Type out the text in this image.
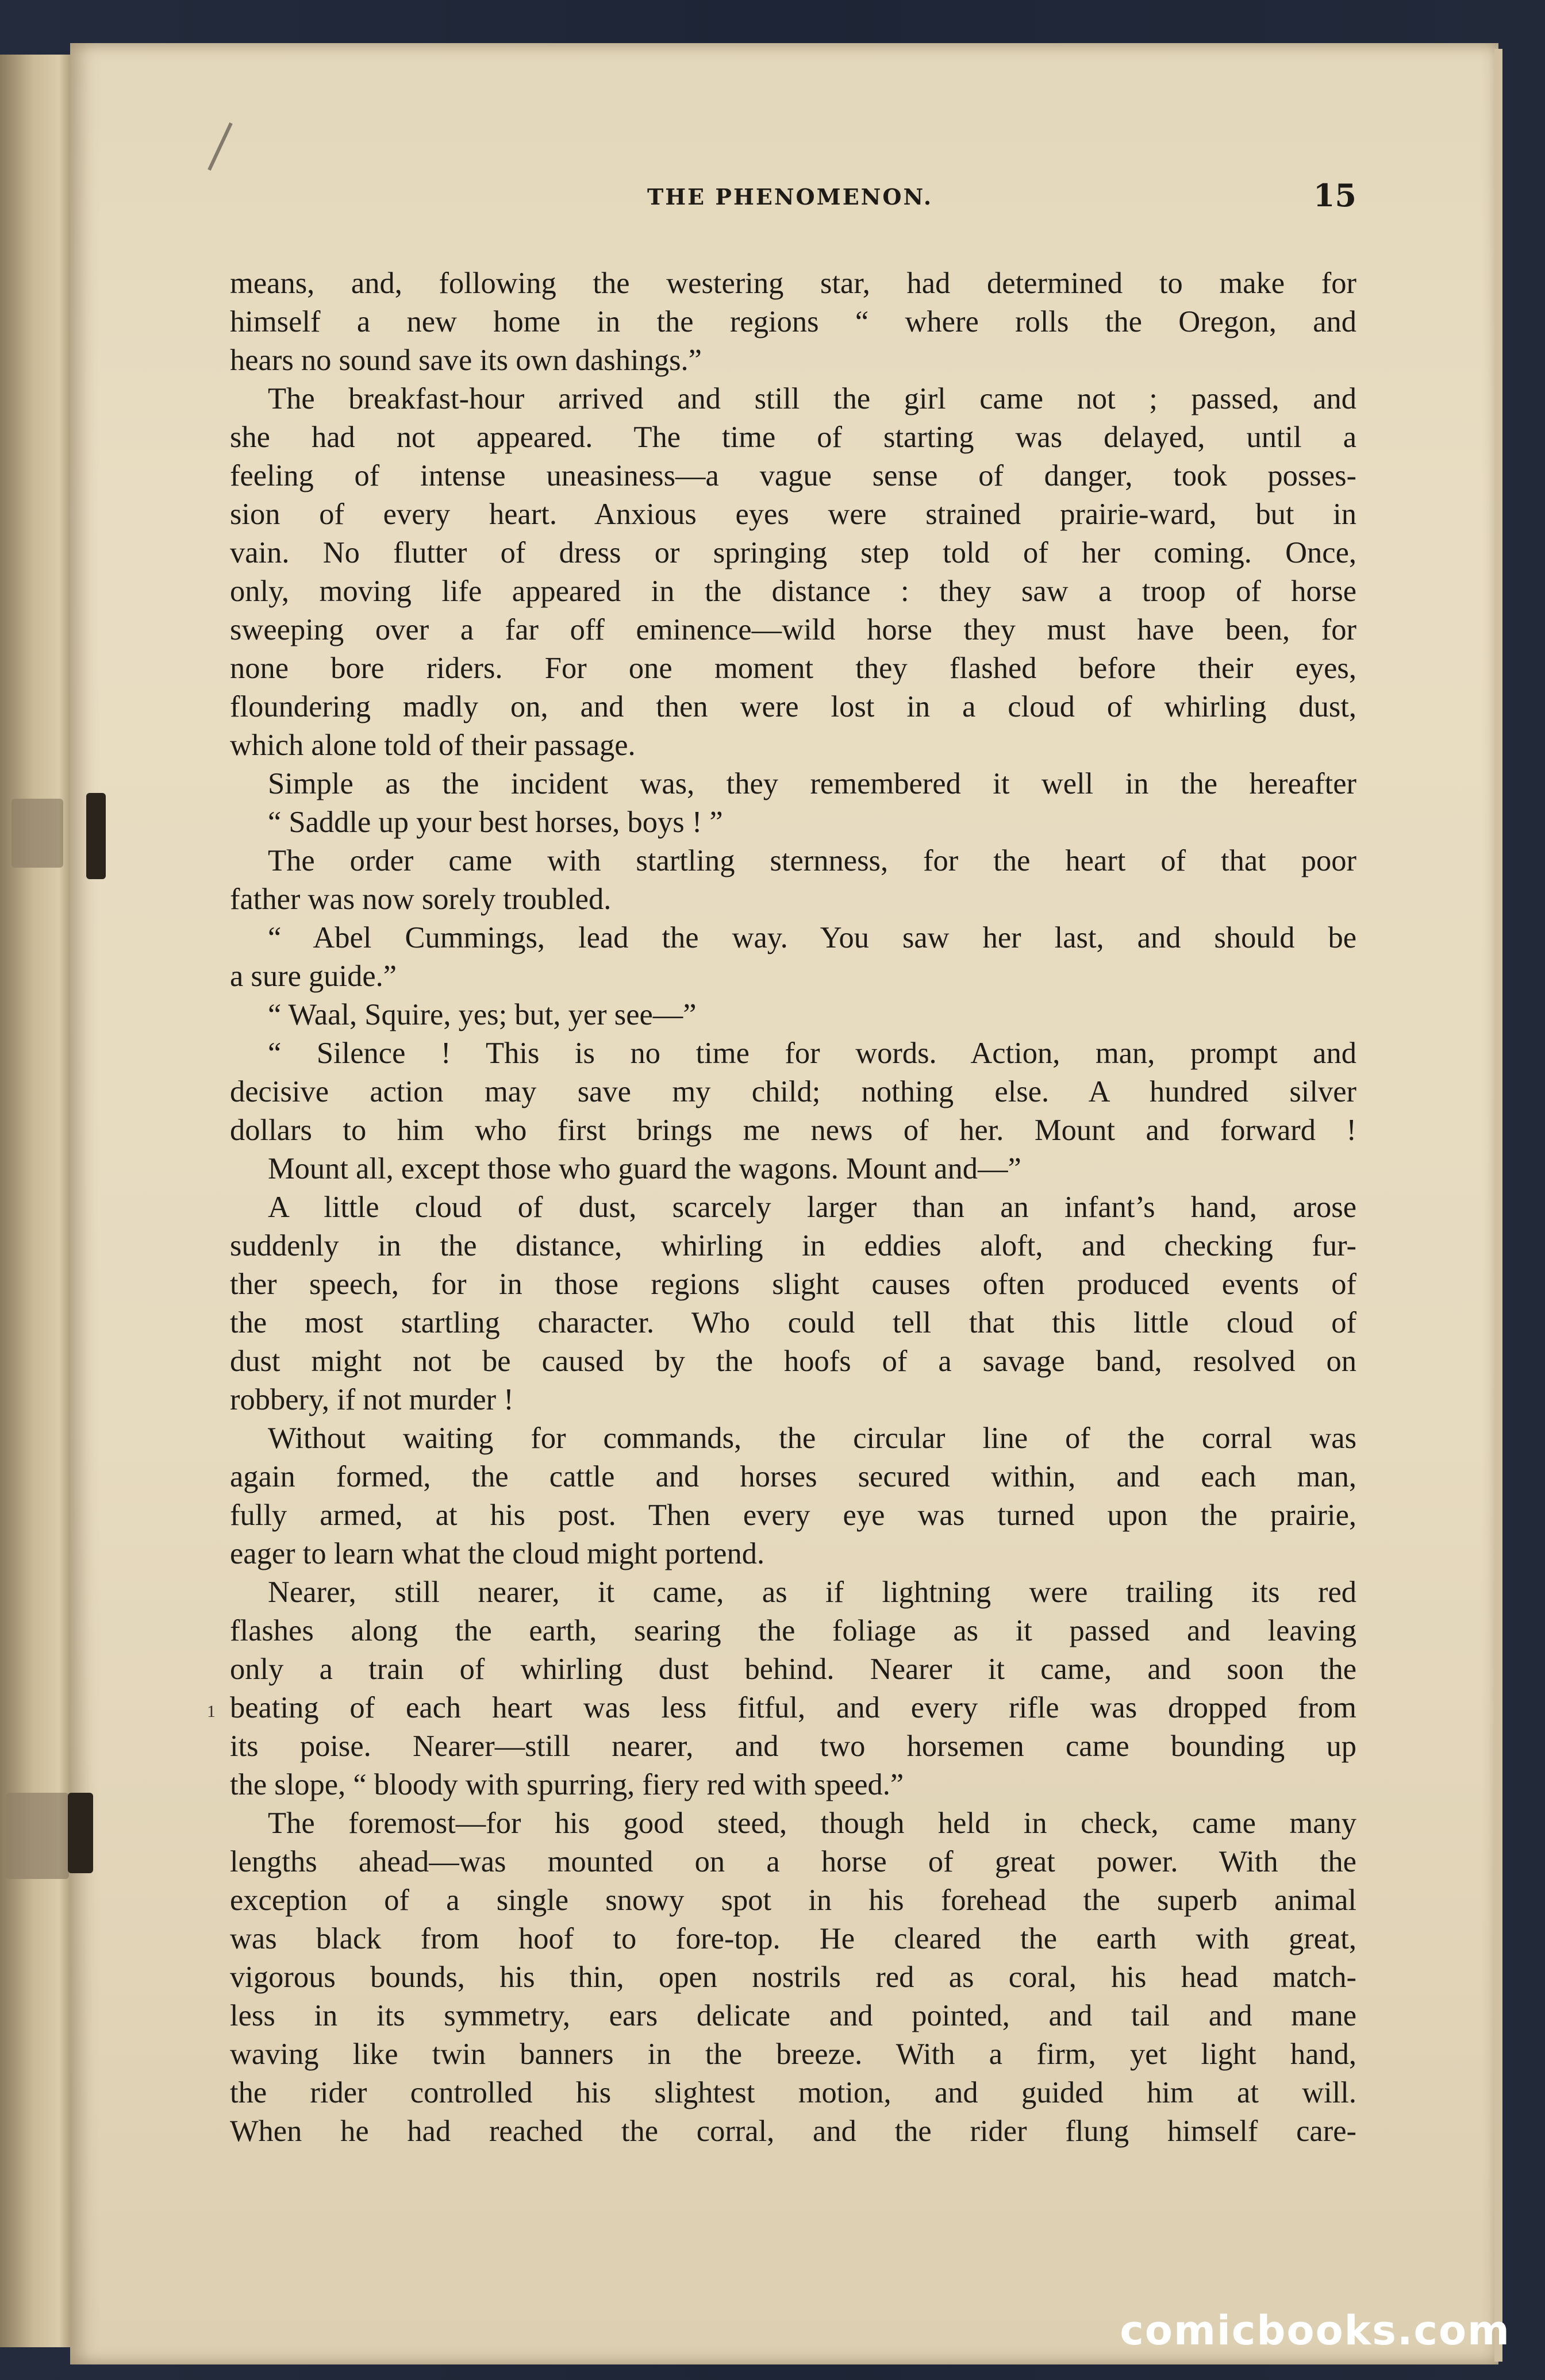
THE PHENOMENON.	15
1
means, and, following the westering star, had determined to make for
himself a new home in the regions “ where rolls the Oregon, and
hears no sound save its own dashings.”
The breakfast-hour arrived and still the girl came not ; passed, and
she had not appeared. The time of starting was delayed, until a
feeling of intense uneasiness—a vague sense of danger, took posses-
sion of every heart. Anxious eyes were strained prairie-ward, but in
vain. No flutter of dress or springing step told of her coming. Once,
only, moving life appeared in the distance : they saw a troop of horse
sweeping over a far off eminence—wild horse they must have been, for
none bore riders. For one moment they flashed before their eyes,
floundering madly on, and then were lost in a cloud of whirling dust,
which alone told of their passage.
Simple as the incident was, they remembered it well in the hereafter
“ Saddle up your best horses, boys ! ”
The order came with startling sternness, for the heart of that poor
father was now sorely troubled.
“ Abel Cummings, lead the way. You saw her last, and should be
a sure guide.”
“ Waal, Squire, yes; but, yer see—”
“ Silence ! This is no time for words. Action, man, prompt and
decisive action may save my child; nothing else. A hundred silver
dollars to him who first brings me news of her. Mount and forward !
Mount all, except those who guard the wagons. Mount and—”
A little cloud of dust, scarcely larger than an infant’s hand, arose
suddenly in the distance, whirling in eddies aloft, and checking fur-
ther speech, for in those regions slight causes often produced events of
the most startling character. Who could tell that this little cloud of
dust might not be caused by the hoofs of a savage band, resolved on
robbery, if not murder !
Without waiting for commands, the circular line of the corral was
again formed, the cattle and horses secured within, and each man,
fully armed, at his post. Then every eye was turned upon the prairie,
eager to learn what the cloud might portend.
Nearer, still nearer, it came, as if lightning were trailing its red
flashes along the earth, searing the foliage as it passed and leaving
only a train of whirling dust behind. Nearer it came, and soon the
beating of each heart was less fitful, and every rifle was dropped from
its poise. Nearer—still nearer, and two horsemen came bounding up
the slope, “ bloody with spurring, fiery red with speed.”
The foremost—for his good steed, though held in check, came many
lengths ahead—was mounted on a horse of great power. With the
exception of a single snowy spot in his forehead the superb animal
was black from hoof to fore-top. He cleared the earth with great,
vigorous bounds, his thin, open nostrils red as coral, his head match-
less in its symmetry, ears delicate and pointed, and tail and mane
waving like twin banners in the breeze. With a firm, yet light hand,
the rider controlled his slightest motion, and guided him at will.
When he had reached the corral, and the rider flung himself care-
comicbooks.com
